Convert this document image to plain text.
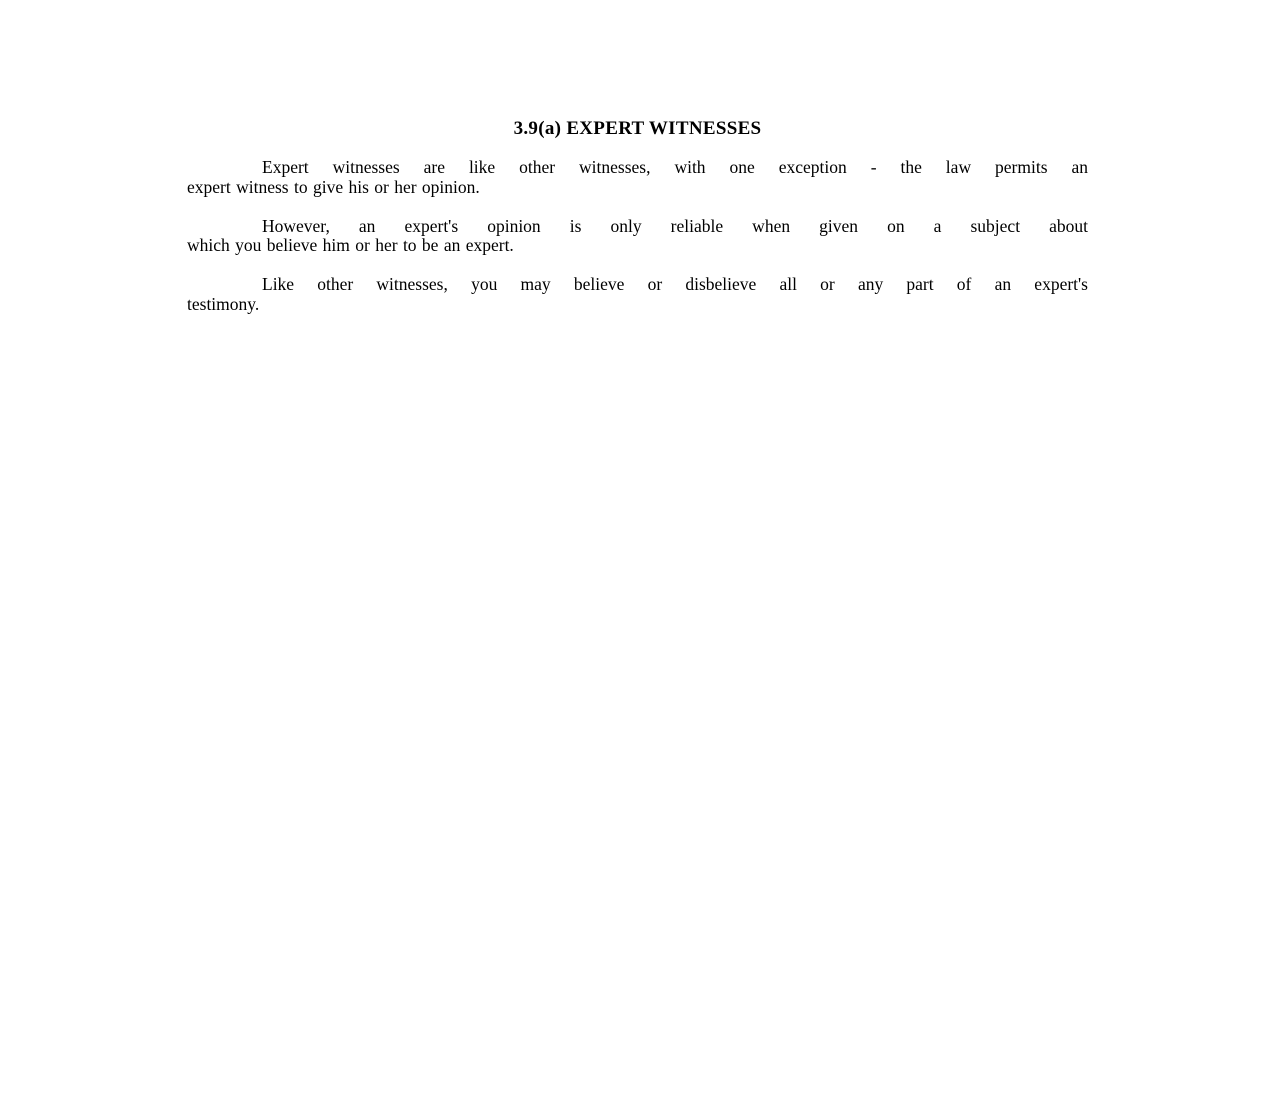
3.9(a) EXPERT WITNESSES
Expert witnesses are like other witnesses, with one exception - the law permits an
expert witness to give his or her opinion.
However, an expert's opinion is only reliable when given on a subject about
which you believe him or her to be an expert.
Like other witnesses, you may believe or disbelieve all or any part of an expert's
testimony.
